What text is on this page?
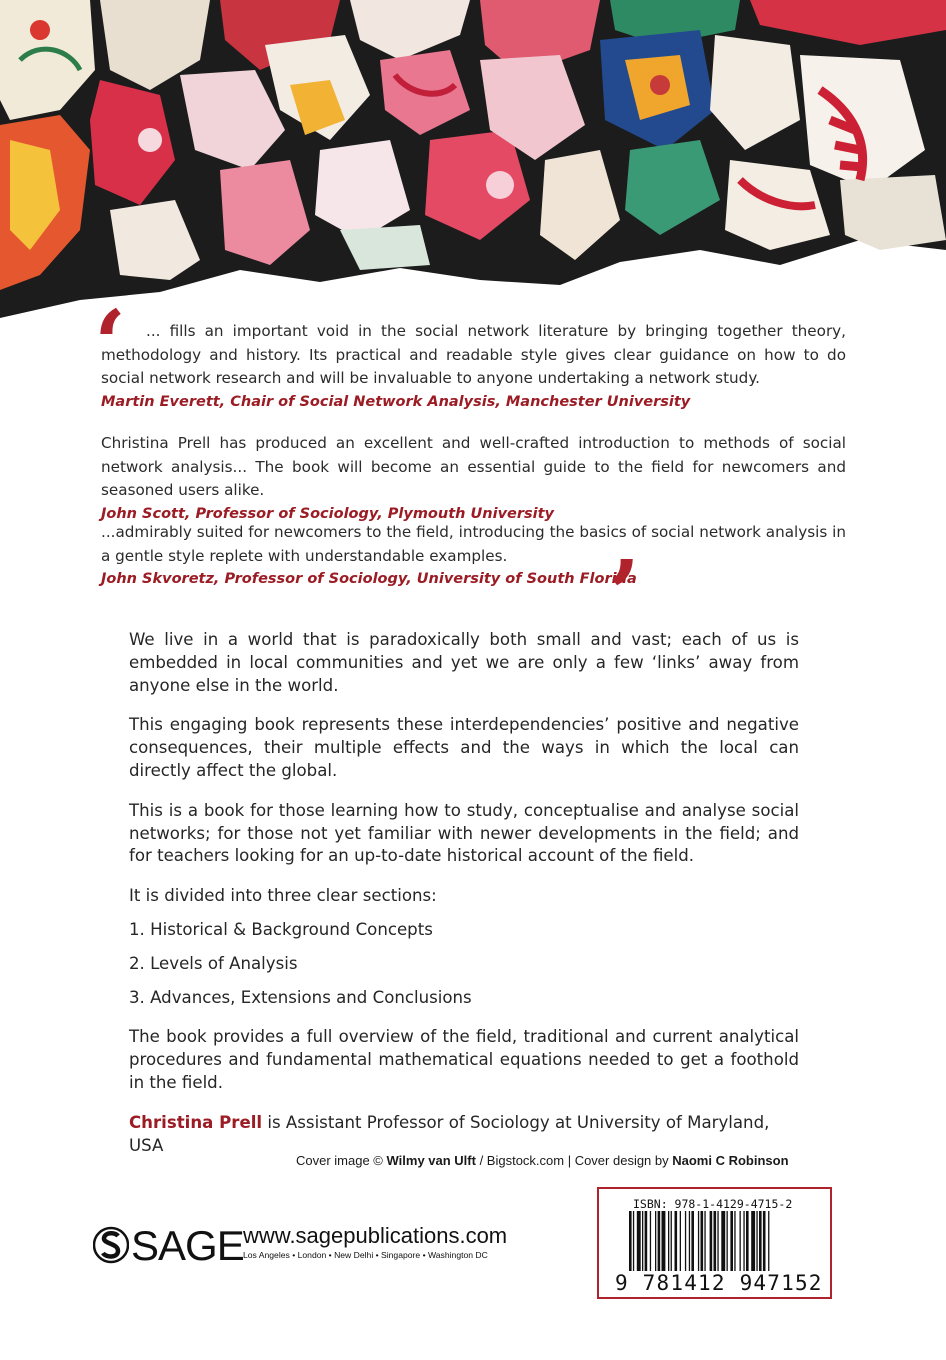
‘	... fills an important void in the social network literature by bringing together theory, methodology and history. Its practical and readable style gives clear guidance on how to do social network research and will be invaluable to anyone undertaking a network study.

Martin Everett, Chair of Social Network Analysis, Manchester University

Christina Prell has produced an excellent and well-crafted introduction to methods of social network analysis... The book will become an essential guide to the field for newcomers and seasoned users alike.

John Scott, Professor of Sociology, Plymouth University

...admirably suited for newcomers to the field, introducing the basics of social network analysis in a gentle style replete with understandable examples.

John Skvoretz, Professor of Sociology, University of South Florida
’

We live in a world that is paradoxically both small and vast; each of us is embedded in local communities and yet we are only a few ‘links’ away from anyone else in the world.

This engaging book represents these interdependencies’ positive and negative consequences, their multiple effects and the ways in which the local can directly affect the global.

This is a book for those learning how to study, conceptualise and analyse social networks; for those not yet familiar with newer developments in the field; and for teachers looking for an up-to-date historical account of the field.

It is divided into three clear sections:

1. Historical & Background Concepts

2. Levels of Analysis

3. Advances, Extensions and Conclusions

The book provides a full overview of the field, traditional and current analytical procedures and fundamental mathematical equations needed to get a foothold in the field.

Christina Prell is Assistant Professor of Sociology at University of Maryland, USA

Cover image © Wilmy van Ulft / Bigstock.com | Cover design by Naomi C Robinson
SAGE www.sagepublications.com
Los Angeles • London • New Delhi • Singapore • Washington DC
ISBN: 978-1-4129-4715-2
9 781412 947152
